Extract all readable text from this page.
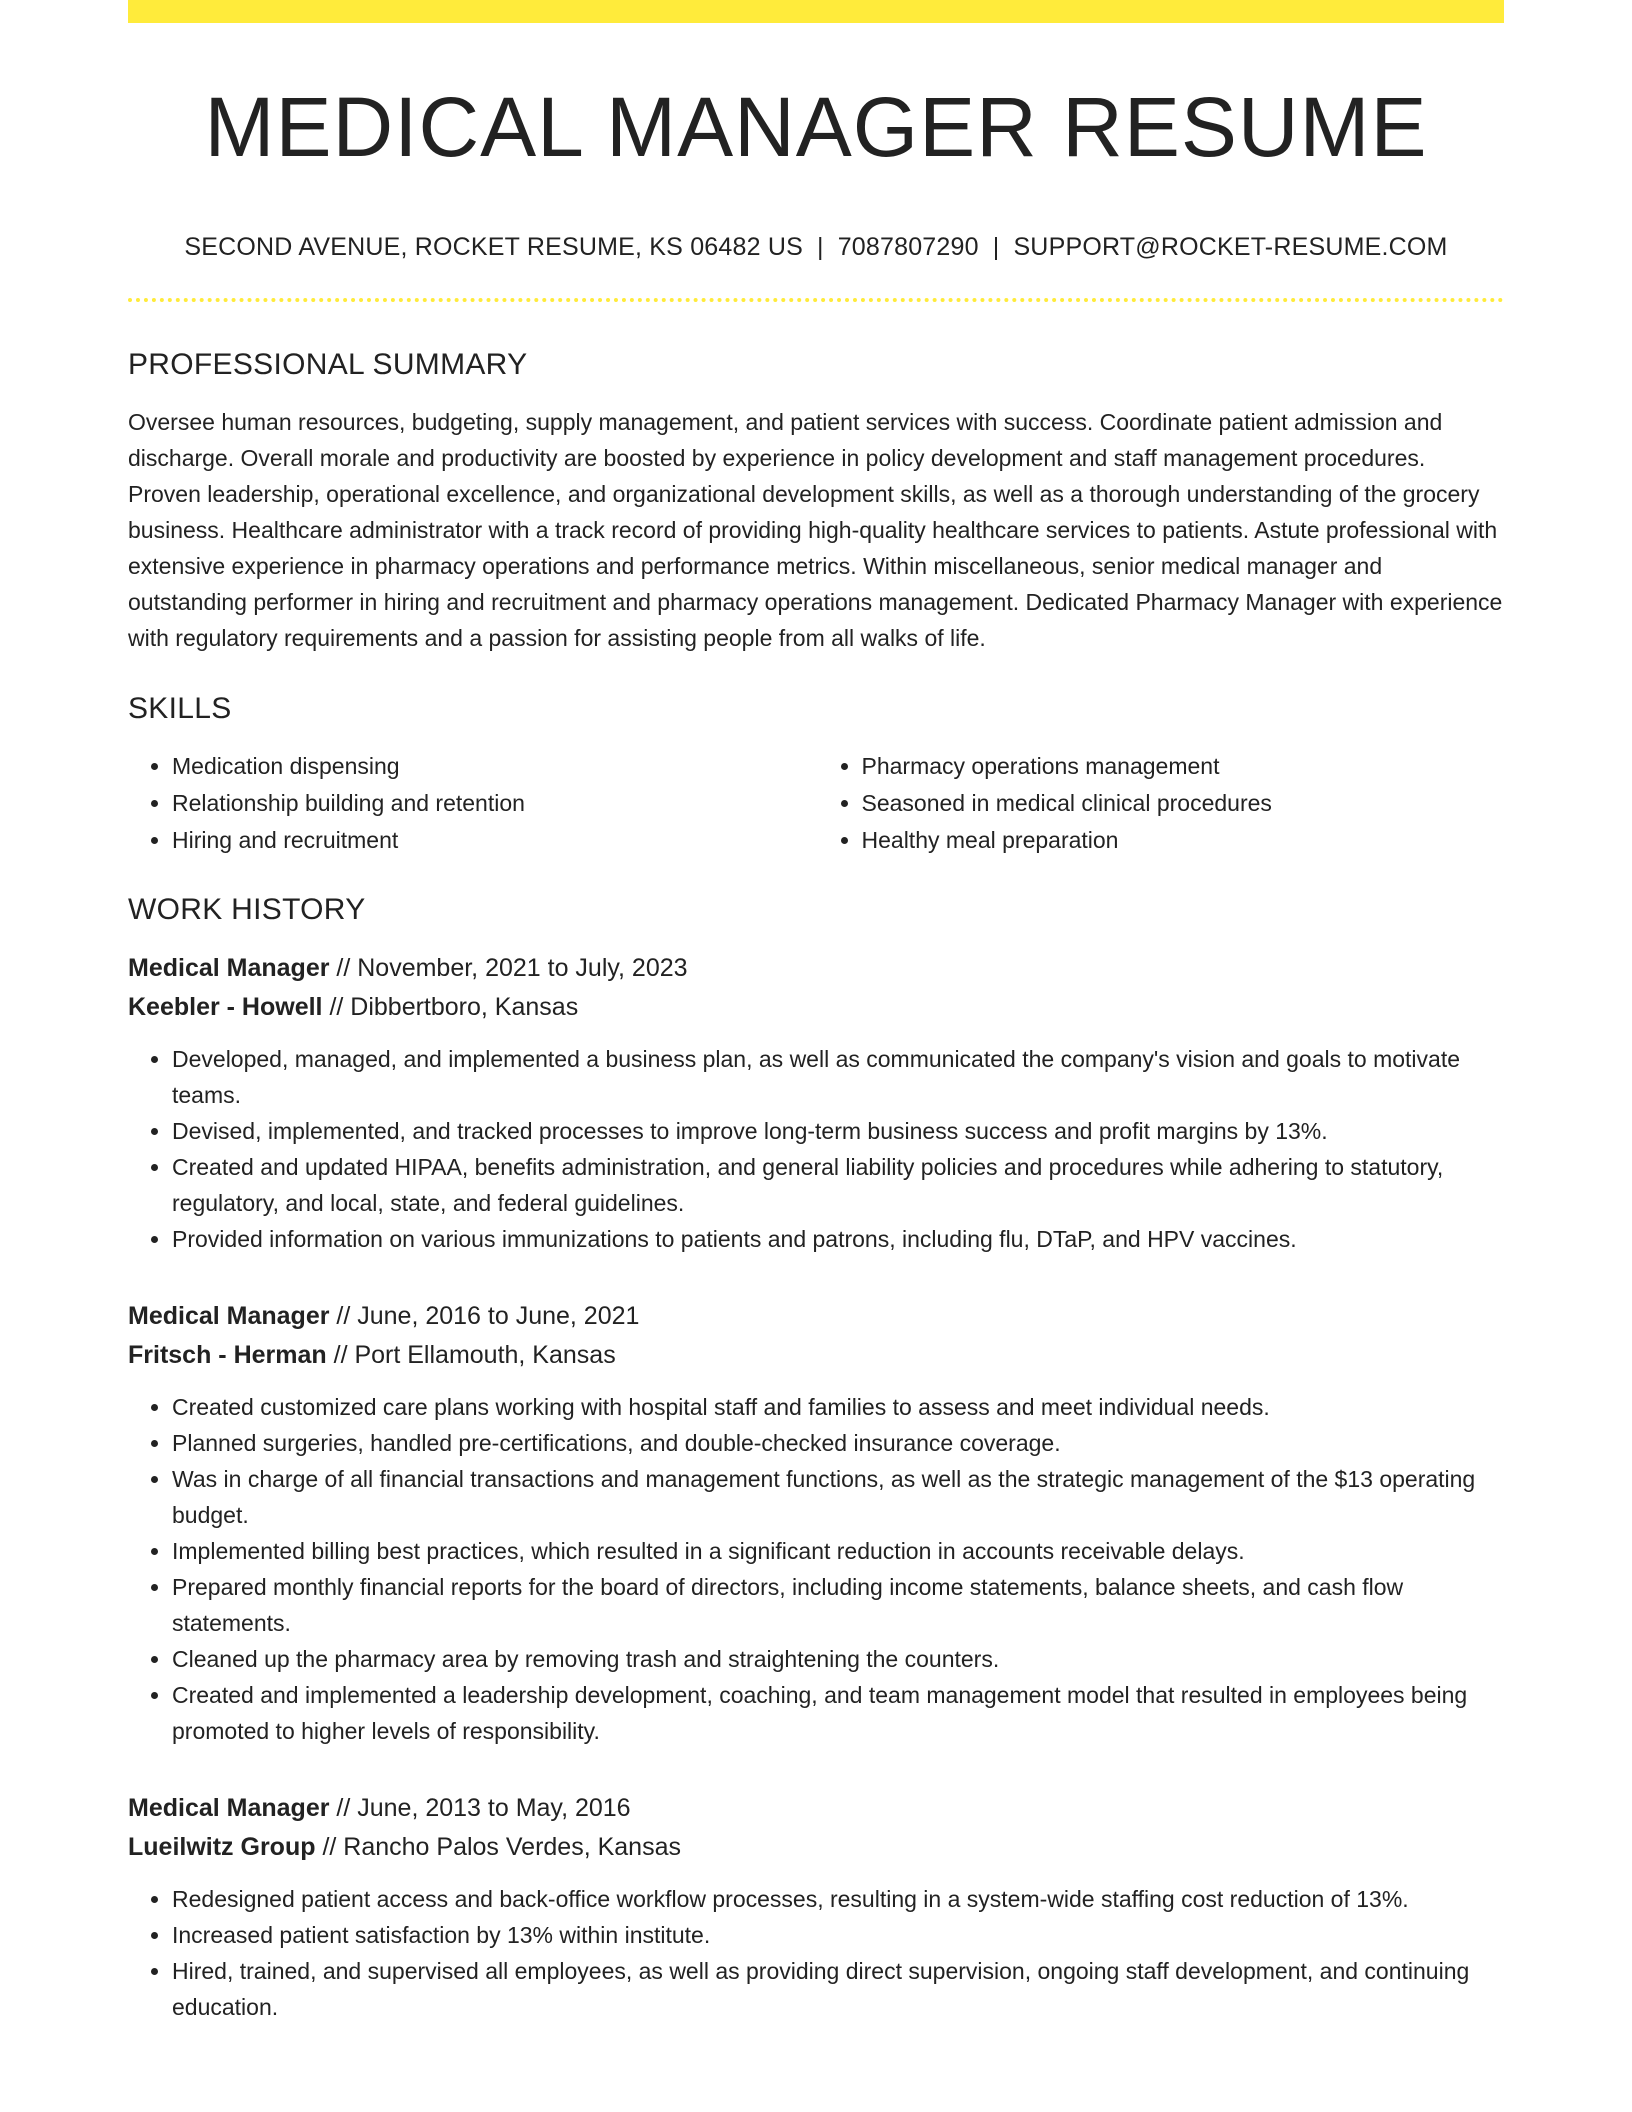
MEDICAL MANAGER RESUME
SECOND AVENUE, ROCKET RESUME, KS 06482 US | 7087807290 | SUPPORT@ROCKET-RESUME.COM
PROFESSIONAL SUMMARY
Oversee human resources, budgeting, supply management, and patient services with success. Coordinate patient admission and discharge. Overall morale and productivity are boosted by experience in policy development and staff management procedures. Proven leadership, operational excellence, and organizational development skills, as well as a thorough understanding of the grocery business. Healthcare administrator with a track record of providing high-quality healthcare services to patients. Astute professional with extensive experience in pharmacy operations and performance metrics. Within miscellaneous, senior medical manager and outstanding performer in hiring and recruitment and pharmacy operations management. Dedicated Pharmacy Manager with experience with regulatory requirements and a passion for assisting people from all walks of life.
SKILLS
• Medication dispensing
• Relationship building and retention
• Hiring and recruitment
• Pharmacy operations management
• Seasoned in medical clinical procedures
• Healthy meal preparation
WORK HISTORY
Medical Manager // November, 2021 to July, 2023
Keebler - Howell // Dibbertboro, Kansas
• Developed, managed, and implemented a business plan, as well as communicated the company's vision and goals to motivate teams.
• Devised, implemented, and tracked processes to improve long-term business success and profit margins by 13%.
• Created and updated HIPAA, benefits administration, and general liability policies and procedures while adhering to statutory, regulatory, and local, state, and federal guidelines.
• Provided information on various immunizations to patients and patrons, including flu, DTaP, and HPV vaccines.
Medical Manager // June, 2016 to June, 2021
Fritsch - Herman // Port Ellamouth, Kansas
• Created customized care plans working with hospital staff and families to assess and meet individual needs.
• Planned surgeries, handled pre-certifications, and double-checked insurance coverage.
• Was in charge of all financial transactions and management functions, as well as the strategic management of the $13 operating budget.
• Implemented billing best practices, which resulted in a significant reduction in accounts receivable delays.
• Prepared monthly financial reports for the board of directors, including income statements, balance sheets, and cash flow statements.
• Cleaned up the pharmacy area by removing trash and straightening the counters.
• Created and implemented a leadership development, coaching, and team management model that resulted in employees being promoted to higher levels of responsibility.
Medical Manager // June, 2013 to May, 2016
Lueilwitz Group // Rancho Palos Verdes, Kansas
• Redesigned patient access and back-office workflow processes, resulting in a system-wide staffing cost reduction of 13%.
• Increased patient satisfaction by 13% within institute.
• Hired, trained, and supervised all employees, as well as providing direct supervision, ongoing staff development, and continuing education.
